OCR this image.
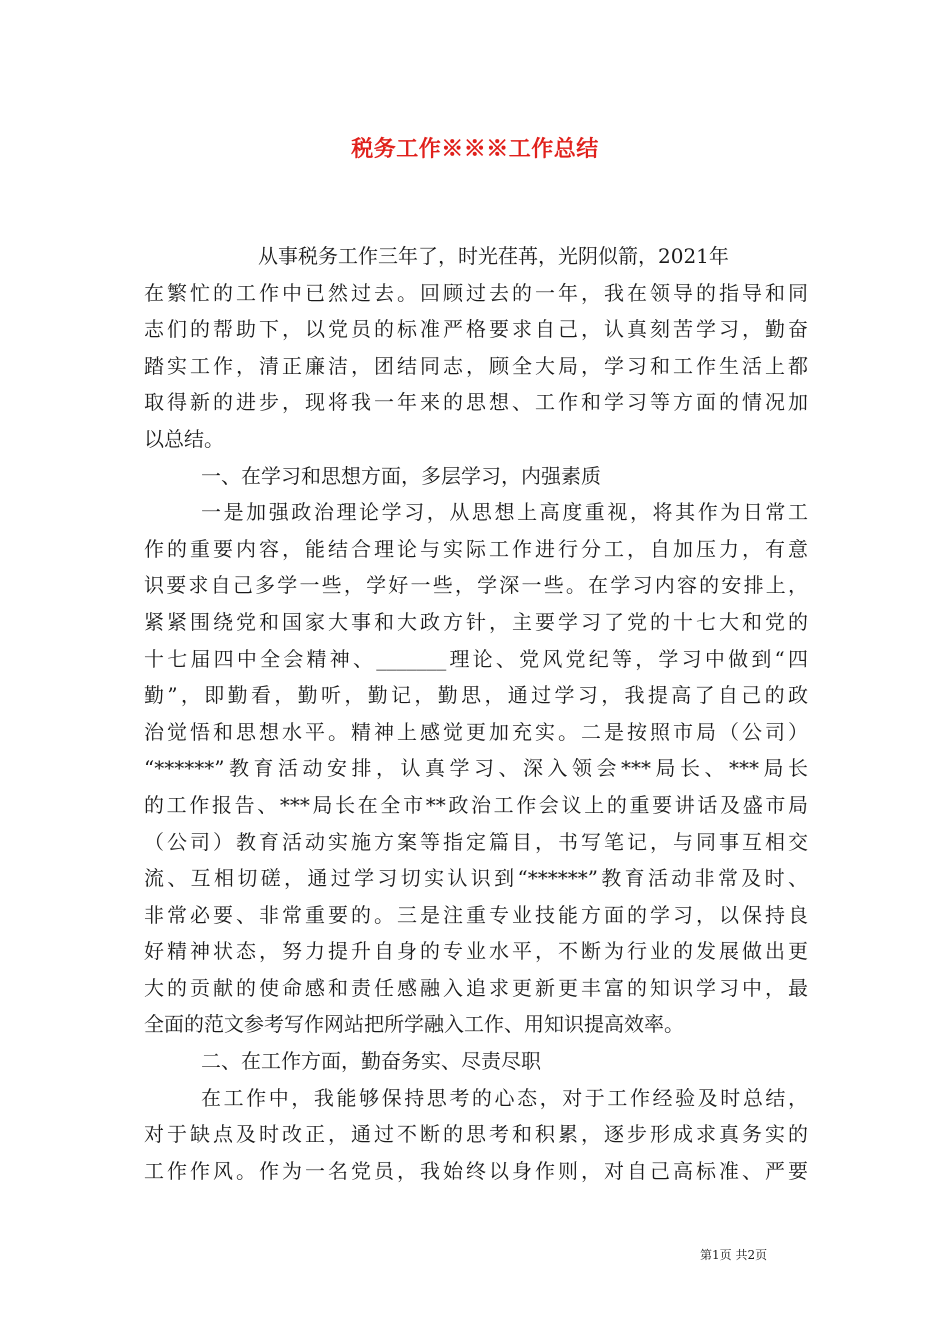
税务工作※※※工作总结
从事税务工作三年了，时光荏苒，光阴似箭，2021年
在繁忙的工作中已然过去。回顾过去的一年，我在领导的指导和同
志们的帮助下，以党员的标准严格要求自己，认真刻苦学习，勤奋
踏实工作，清正廉洁，团结同志，顾全大局，学习和工作生活上都
取得新的进步，现将我一年来的思想、工作和学习等方面的情况加
以总结。
一、在学习和思想方面，多层学习，内强素质
一是加强政治理论学习，从思想上高度重视，将其作为日常工
作的重要内容，能结合理论与实际工作进行分工，自加压力，有意
识要求自己多学一些，学好一些，学深一些。在学习内容的安排上，
紧紧围绕党和国家大事和大政方针，主要学习了党的十七大和党的
十七届四中全会精神、_______理论、党风党纪等，学习中做到“四
勤”，即勤看，勤听，勤记，勤思，通过学习，我提高了自己的政
治觉悟和思想水平。精神上感觉更加充实。二是按照市局（公司）
“******”教育活动安排，认真学习、深入领会***局长、***局长
的工作报告、***局长在全市**政治工作会议上的重要讲话及盛市局
（公司）教育活动实施方案等指定篇目，书写笔记，与同事互相交
流、互相切磋，通过学习切实认识到“******”教育活动非常及时、
非常必要、非常重要的。三是注重专业技能方面的学习，以保持良
好精神状态，努力提升自身的专业水平，不断为行业的发展做出更
大的贡献的使命感和责任感融入追求更新更丰富的知识学习中，最
全面的范文参考写作网站把所学融入工作、用知识提高效率。
二、在工作方面，勤奋务实、尽责尽职
在工作中，我能够保持思考的心态，对于工作经验及时总结，
对于缺点及时改正，通过不断的思考和积累，逐步形成求真务实的
工作作风。作为一名党员，我始终以身作则，对自己高标准、严要
第1页 共2页
